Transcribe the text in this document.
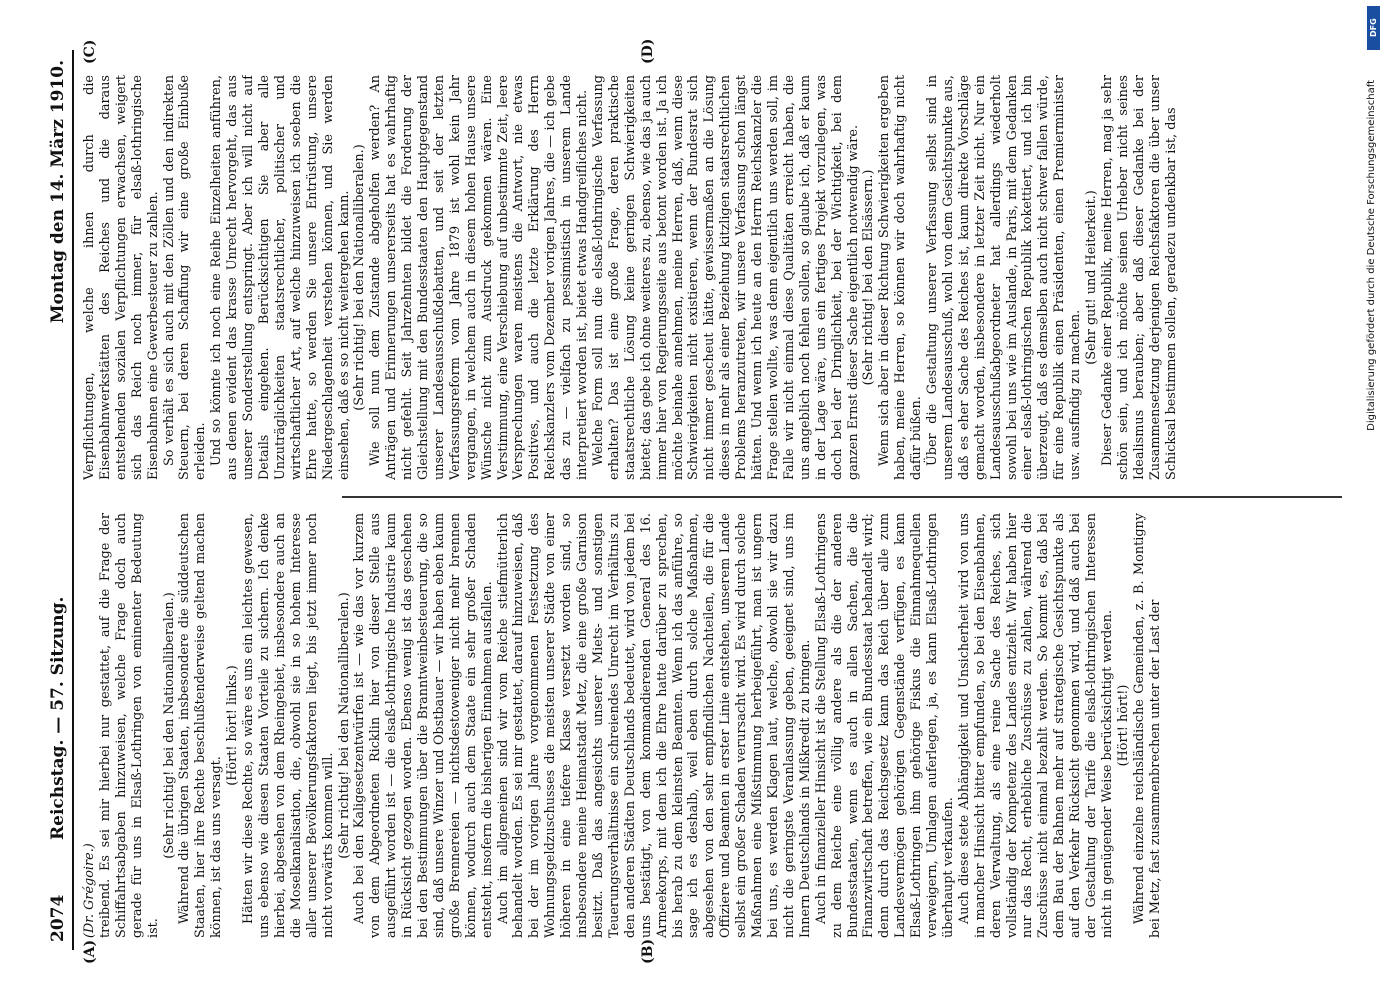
DFG
Digitalisierung gefördert durch die Deutsche Forschungsgemeinschaft
2074
Reichstag. — 57. Sitzung.
Montag den 14. März 1910.
(A)	(B)
(C)	(D)

(Dr. Grégoire.) treibend. Es sei mir hierbei nur gestattet, auf die Frage der Schiffahrtsabgaben hinzuweisen, welche Frage doch auch gerade für uns in Elsaß-Lothringen von eminenter Bedeutung ist.

(Sehr richtig! bei den Nationalliberalen.) Während die übrigen Staaten, insbesondere die süddeutschen Staaten, hier ihre Rechte beschlußtenderweise geltend machen können, ist das uns versagt.

(Hört! hört! links.) Hätten wir diese Rechte, so wäre es uns ein leichtes gewesen, uns ebenso wie diesen Staaten Vorteile zu sichern. Ich denke hierbei, abgesehen von dem Rheingebiet, insbesondere auch an die Moselkanalisation, die, obwohl sie in so hohem Interesse aller unserer Bevölkerungsfaktoren liegt, bis jetzt immer noch nicht vorwärts kommen will. (Sehr richtig! bei den Nationalliberalen.) Auch bei den Kaligesetzentwürfen ist — wie das vor kurzem von dem Abgeordneten Ricklin hier von dieser Stelle aus ausgeführt worden ist — die elsaß-lothringische Industrie kaum in Rücksicht gezogen worden. Ebenso wenig ist das geschehen bei den Bestimmungen über die Branntweinbesteuerung, die so sind, daß unsere Winzer und Obstbauer — wir haben eben kaum große Brennereien — nichtsdestoweniger nicht mehr brennen können, wodurch auch dem Staate ein sehr großer Schaden entsteht, insofern die bisherigen Einnahmen ausfallen. Auch im allgemeinen sind wir vom Reiche stiefmütterlich behandelt worden. Es sei mir gestattet, darauf hinzuweisen, daß bei der im vorigen Jahre vorgenommenen Festsetzung des Wohnungsgeldzuschusses die meisten unserer Städte von einer höheren in eine tiefere Klasse versetzt worden sind, so insbesondere meine Heimatstadt Metz, die eine große Garnison besitzt. Daß das angesichts unserer Miets- und sonstigen Teuerungsverhältnisse ein schreiendes Unrecht im Verhältnis zu den anderen Städten Deutschlands bedeutet, wird von jedem bei uns bestätigt, von dem kommandierenden General des 16. Armeekorps, mit dem ich die Ehre hatte darüber zu sprechen, bis herab zu dem kleinsten Beamten. Wenn ich das anführe, so sage ich es deshalb, weil eben durch solche Maßnahmen, abgesehen von den sehr empfindlichen Nachteilen, die für die Offiziere und Beamten in erster Linie entstehen, unserem Lande selbst ein großer Schaden verursacht wird. Es wird durch solche Maßnahmen eine Mißstimmung herbeigeführt, man ist ungern bei uns, es werden Klagen laut, welche, obwohl sie wir dazu nicht die geringste Veranlassung geben, geeignet sind, uns im Innern Deutschlands in Mißkredit zu bringen. Auch in finanzieller Hinsicht ist die Stellung Elsaß-Lothringens zu dem Reiche eine völlig andere als die der anderen Bundesstaaten, wenn es auch in allen Sachen, die die Finanzwirtschaft betreffen, wie ein Bundesstaat behandelt wird; denn durch das Reichsgesetz kann das Reich über alle zum Landesvermögen gehörigen Gegenstände verfügen, es kann Elsaß-Lothringen ihm gehörige Fiskus die Einnahmequellen verweigern, Umlagen auferlegen, ja, es kann Elsaß-Lothringen überhaupt verkaufen. Auch diese stete Abhängigkeit und Unsicherheit wird von uns in mancher Hinsicht bitter empfunden, so bei den Eisenbahnen, deren Verwaltung, als eine reine Sache des Reiches, sich vollständig der Kompetenz des Landes entzieht. Wir haben hier nur das Recht, erhebliche Zuschüsse zu zahlen, während die Zuschüsse nicht einmal bezahlt werden. So kommt es, daß bei dem Bau der Bahnen mehr auf strategische Gesichtspunkte als auf den Verkehr Rücksicht genommen wird, und daß auch bei der Gestaltung der Tarife die elsaß-lothringischen Interessen nicht in genügender Weise berücksichtigt werden. (Hört! hört!) Während einzelne reichsländische Gemeinden, z. B. Montigny bei Metz, fast zusammenbrechen unter der Last der

Verpflichtungen, welche ihnen durch die Eisenbahnwerkstätten des Reiches und die daraus entstehenden sozialen Verpflichtungen erwachsen, weigert sich das Reich noch immer, für elsaß-lothringische Eisenbahnen eine Gewerbesteuer zu zahlen. So verhält es sich auch mit den Zöllen und den indirekten Steuern, bei deren Schaffung wir eine große Einbuße erleiden. Und so könnte ich noch eine Reihe Einzelheiten anführen, aus denen evident das krasse Unrecht hervorgeht, das aus unserer Sonderstellung entspringt. Aber ich will nicht auf Details eingehen. Berücksichtigen Sie aber alle Unzuträglichkeiten staatsrechtlicher, politischer und wirtschaftlicher Art, auf welche hinzuweisen ich soeben die Ehre hatte, so werden Sie unsere Entrüstung, unsere Niedergeschlagenheit verstehen können, und Sie werden einsehen, daß es so nicht weitergehen kann. (Sehr richtig! bei den Nationalliberalen.) Wie soll nun dem Zustande abgeholfen werden? An Anträgen und Erinnerungen unsererseits hat es wahrhaftig nicht gefehlt. Seit Jahrzehnten bildet die Forderung der Gleichstellung mit den Bundesstaaten den Hauptgegenstand unserer Landesausschußdebatten, und seit der letzten Verfassungsreform vom Jahre 1879 ist wohl kein Jahr vergangen, in welchem auch in diesem hohen Hause unsere Wünsche nicht zum Ausdruck gekommen wären. Eine Verstimmung, eine Verschiebung auf unbestimmte Zeit, leere Versprechungen waren meistens die Antwort, nie etwas Positives, und auch die letzte Erklärung des Herrn Reichskanzlers vom Dezember vorigen Jahres, die — ich gebe das zu — vielfach zu pessimistisch in unserem Lande interpretiert worden ist, bietet etwas Handgreifliches nicht. Welche Form soll nun die elsaß-lothringische Verfassung erhalten? Das ist eine große Frage, deren praktische staatsrechtliche Lösung keine geringen Schwierigkeiten bietet; das gebe ich ohne weiteres zu, ebenso, wie das ja auch immer hier von Regierungsseite aus betont worden ist. Ja ich möchte beinahe annehmen, meine Herren, daß, wenn diese Schwierigkeiten nicht existieren, wenn der Bundesrat sich nicht immer gescheut hätte, gewissermaßen an die Lösung dieses in mehr als einer Beziehung kitzligen staatsrechtlichen Problems heranzutreten, wir unsere Verfassung schon längst hätten. Und wenn ich heute an den Herrn Reichskanzler die Frage stellen wollte, was denn eigentlich uns werden soll, im Falle wir nicht einmal diese Qualitäten erreicht haben, die uns angeblich noch fehlen sollen, so glaube ich, daß er kaum in der Lage wäre, uns ein fertiges Projekt vorzulegen, was doch bei der Dringlichkeit, bei der Wichtigkeit, bei dem ganzen Ernst dieser Sache eigentlich notwendig wäre. (Sehr richtig! bei den Elsässern.) Wenn sich aber in dieser Richtung Schwierigkeiten ergeben haben, meine Herren, so können wir doch wahrhaftig nicht dafür büßen. Über die Gestaltung unserer Verfassung selbst sind in unserem Landesausschuß, wohl von dem Gesichtspunkte aus, daß es eher Sache des Reiches ist, kaum direkte Vorschläge gemacht worden, insbesondere in letzter Zeit nicht. Nur ein Landesausschußabgeordneter hat allerdings wiederholt sowohl bei uns wie im Auslande, in Paris, mit dem Gedanken einer elsaß-lothringischen Republik kokettiert, und ich bin überzeugt, daß es demselben auch nicht schwer fallen würde, für eine Republik einen Präsidenten, einen Premierminister usw. ausfindig zu machen.

(Sehr gut! und Heiterkeit.) Dieser Gedanke einer Republik, meine Herren, mag ja sehr schön sein, und ich möchte seinen Urheber nicht seines Idealismus berauben; aber daß dieser Gedanke bei der Zusammensetzung derjenigen Reichsfaktoren die über unser Schicksal bestimmen sollen, geradezu undenkbar ist, das
